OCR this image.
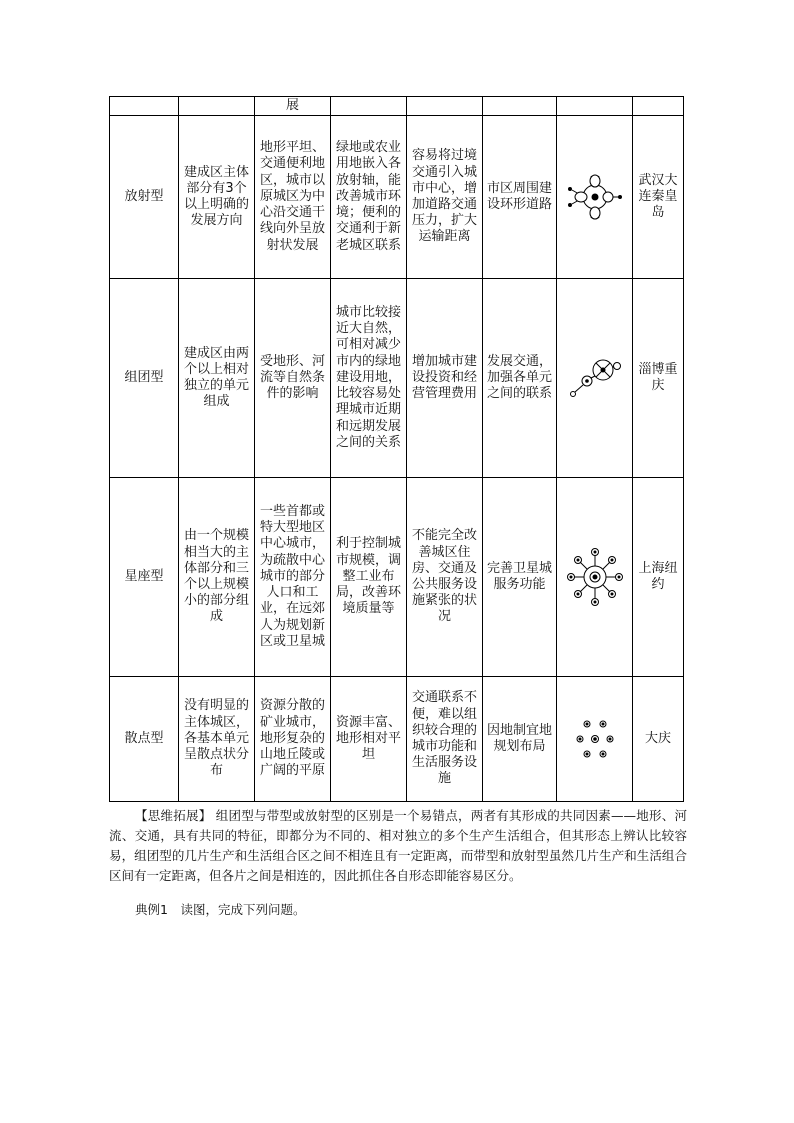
		展					
放射型	建成区主体部分有3个以上明确的发展方向	地形平坦、交通便利地区，城市以原城区为中心沿交通干线向外呈放射状发展	绿地或农业用地嵌入各放射轴，能改善城市环境；便利的交通利于新老城区联系	容易将过境交通引入城市中心，增加道路交通压力，扩大运输距离	市区周围建设环形道路		武汉大连秦皇岛
组团型	建成区由两个以上相对独立的单元组成	受地形、河流等自然条件的影响	城市比较接近大自然，可相对减少市内的绿地建设用地，比较容易处理城市近期和远期发展之间的关系	增加城市建设投资和经营管理费用	发展交通，加强各单元之间的联系		淄博重庆
星座型	由一个规模相当大的主体部分和三个以上规模小的部分组成	一些首都或特大型地区中心城市，为疏散中心城市的部分人口和工业，在远郊人为规划新区或卫星城	利于控制城市规模，调整工业布局，改善环境质量等	不能完全改善城区住房、交通及公共服务设施紧张的状况	完善卫星城服务功能		上海纽约
散点型	没有明显的主体城区，各基本单元呈散点状分布	资源分散的矿业城市，地形复杂的山地丘陵或广阔的平原	资源丰富、地形相对平坦	交通联系不便，难以组织较合理的城市功能和生活服务设施	因地制宜地规划布局		大庆

【思维拓展】 组团型与带型或放射型的区别是一个易错点，两者有其形成的共同因素——地形、河流、交通，具有共同的特征，即都分为不同的、相对独立的多个生产生活组合，但其形态上辨认比较容易，组团型的几片生产和生活组合区之间不相连且有一定距离，而带型和放射型虽然几片生产和生活组合区间有一定距离，但各片之间是相连的，因此抓住各自形态即能容易区分。

典例1　 读图，完成下列问题。
